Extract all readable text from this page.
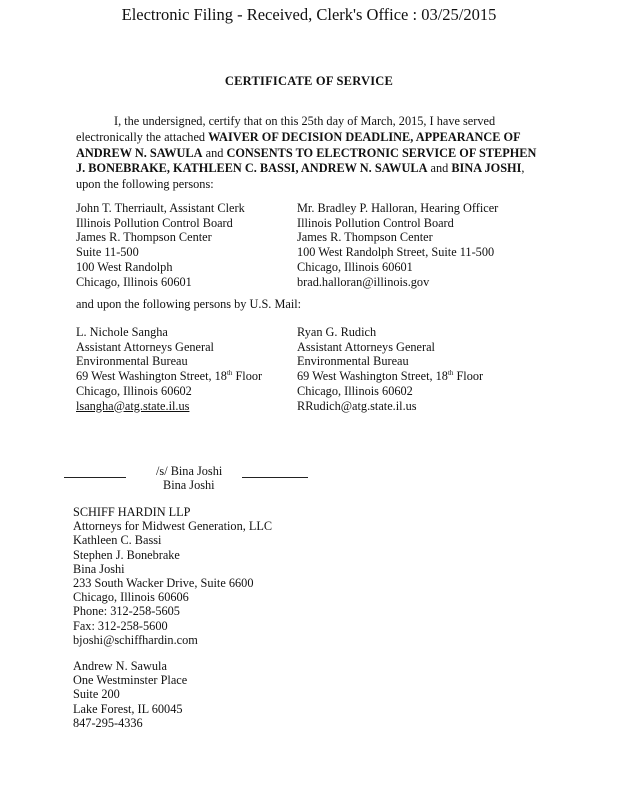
Electronic Filing - Received, Clerk's Office : 03/25/2015
CERTIFICATE OF SERVICE
I, the undersigned, certify that on this 25th day of March, 2015, I have served electronically the attached WAIVER OF DECISION DEADLINE, APPEARANCE OF ANDREW N. SAWULA and CONSENTS TO ELECTRONIC SERVICE OF STEPHEN J. BONEBRAKE, KATHLEEN C. BASSI, ANDREW N. SAWULA and BINA JOSHI, upon the following persons:
John T. Therriault, Assistant Clerk
Illinois Pollution Control Board
James R. Thompson Center
Suite 11-500
100 West Randolph
Chicago, Illinois 60601
Mr. Bradley P. Halloran, Hearing Officer
Illinois Pollution Control Board
James R. Thompson Center
100 West Randolph Street, Suite 11-500
Chicago, Illinois 60601
brad.halloran@illinois.gov
and upon the following persons by U.S. Mail:
L. Nichole Sangha
Assistant Attorneys General
Environmental Bureau
69 West Washington Street, 18th Floor
Chicago, Illinois 60602
lsangha@atg.state.il.us
Ryan G. Rudich
Assistant Attorneys General
Environmental Bureau
69 West Washington Street, 18th Floor
Chicago, Illinois 60602
RRudich@atg.state.il.us
/s/ Bina Joshi
Bina Joshi
SCHIFF HARDIN LLP
Attorneys for Midwest Generation, LLC
Kathleen C. Bassi
Stephen J. Bonebrake
Bina Joshi
233 South Wacker Drive, Suite 6600
Chicago, Illinois 60606
Phone: 312-258-5605
Fax: 312-258-5600
bjoshi@schiffhardin.com
Andrew N. Sawula
One Westminster Place
Suite 200
Lake Forest, IL 60045
847-295-4336
